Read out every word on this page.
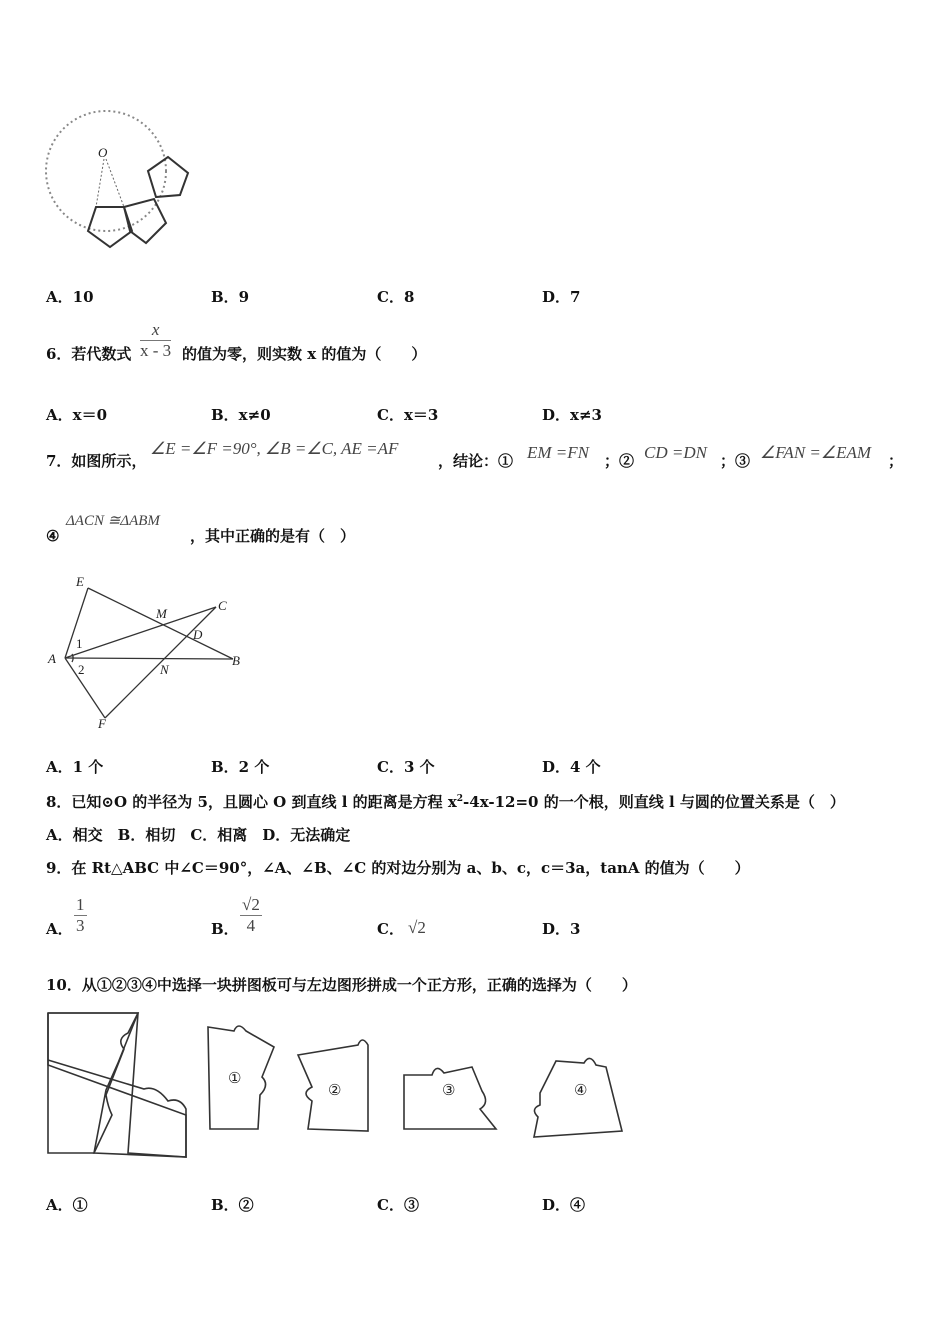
O
A．10	B．9	C．8	D．7
6．若代数式 $\frac{x}{x - 3}$ 的值为零，则实数 x 的值为（　　）
A．x＝0	B．x≠0	C．x＝3	D．x≠3
7．如图所示，
∠E =∠F =90°, ∠B =∠C, AE =AF
，结论：① EM =FN ；② CD =DN ；③ ∠FAN =∠EAM ；
④
ΔACN ≅ΔABM
，其中正确的是有（　）
E
M
C
D
A	B
N
F
1
2
A．1 个	B．2 个	C．3 个	D．4 个
8．已知⊙O 的半径为 5，且圆心 O 到直线 l 的距离是方程 $x^2-4x-12=0$ 的一个根，则直线 l 与圆的位置关系是（　）
A．相交　B．相切　C．相离　D．无法确定
9．在 Rt△ABC 中∠C＝90°，∠A、∠B、∠C 的对边分别为 a、b、c，c＝3a，tanA 的值为（　　）
A． $\frac{1}{3}$	B． $\frac{√2}{4}$	C． √2	D．3
10．从①②③④中选择一块拼图板可与左边图形拼成一个正方形，正确的选择为（　　）
①
②	③	④
A．①	B．②	C．③	D．④
